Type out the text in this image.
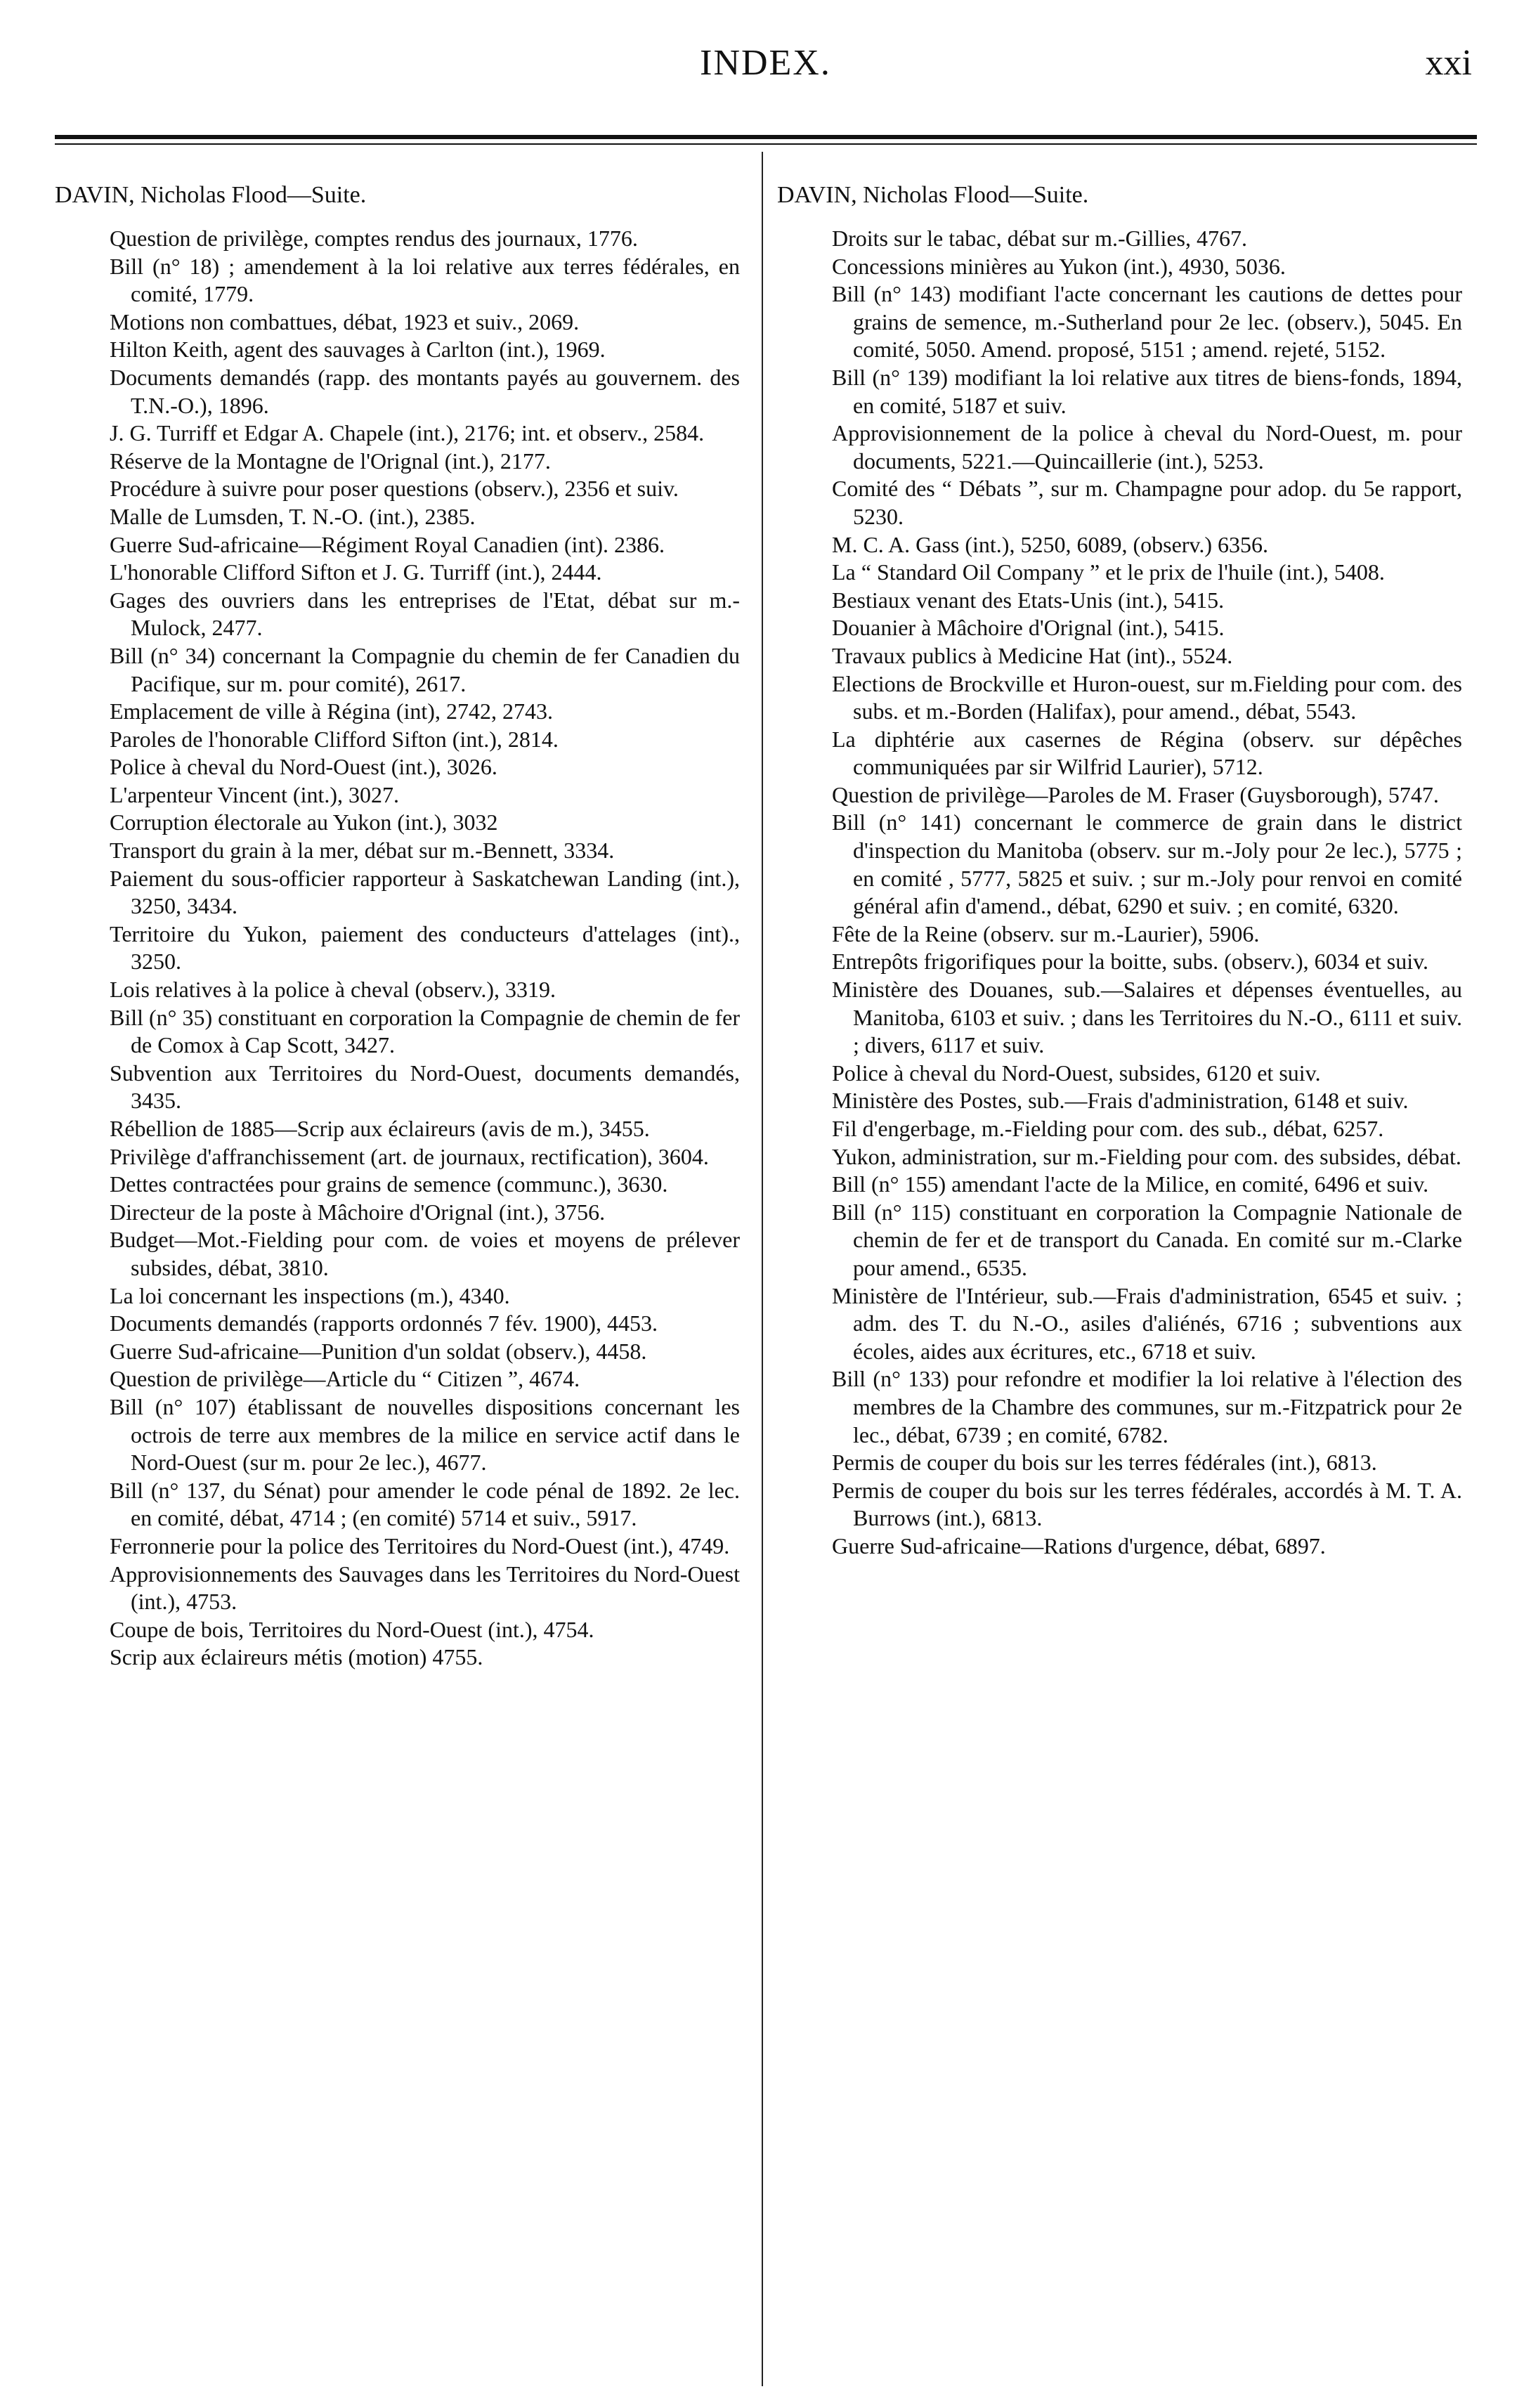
INDEX.	xxi

DAVIN, Nicholas Flood—Suite.

Question de privilège, comptes rendus des journaux, 1776.
Bill (n° 18) ; amendement à la loi relative aux terres fédérales, en comité, 1779.
Motions non combattues, débat, 1923 et suiv., 2069.
Hilton Keith, agent des sauvages à Carlton (int.), 1969.
Documents demandés (rapp. des montants payés au gouvernem. des T.N.-O.), 1896.
J. G. Turriff et Edgar A. Chapele (int.), 2176; int. et observ., 2584.
Réserve de la Montagne de l'Orignal (int.), 2177.
Procédure à suivre pour poser questions (observ.), 2356 et suiv.
Malle de Lumsden, T. N.-O. (int.), 2385.
Guerre Sud-africaine—Régiment Royal Canadien (int). 2386.
L'honorable Clifford Sifton et J. G. Turriff (int.), 2444.
Gages des ouvriers dans les entreprises de l'Etat, débat sur m.-Mulock, 2477.
Bill (n° 34) concernant la Compagnie du chemin de fer Canadien du Pacifique, sur m. pour comité), 2617.
Emplacement de ville à Régina (int), 2742, 2743.
Paroles de l'honorable Clifford Sifton (int.), 2814.
Police à cheval du Nord-Ouest (int.), 3026.
L'arpenteur Vincent (int.), 3027.
Corruption électorale au Yukon (int.), 3032
Transport du grain à la mer, débat sur m.-Bennett, 3334.
Paiement du sous-officier rapporteur à Saskatchewan Landing (int.), 3250, 3434.
Territoire du Yukon, paiement des conducteurs d'attelages (int)., 3250.
Lois relatives à la police à cheval (observ.), 3319.
Bill (n° 35) constituant en corporation la Compagnie de chemin de fer de Comox à Cap Scott, 3427.
Subvention aux Territoires du Nord-Ouest, documents demandés, 3435.
Rébellion de 1885—Scrip aux éclaireurs (avis de m.), 3455.
Privilège d'affranchissement (art. de journaux, rectification), 3604.
Dettes contractées pour grains de semence (communc.), 3630.
Directeur de la poste à Mâchoire d'Orignal (int.), 3756.
Budget—Mot.-Fielding pour com. de voies et moyens de prélever subsides, débat, 3810.
La loi concernant les inspections (m.), 4340.
Documents demandés (rapports ordonnés 7 fév. 1900), 4453.
Guerre Sud-africaine—Punition d'un soldat (observ.), 4458.
Question de privilège—Article du “ Citizen ”, 4674.
Bill (n° 107) établissant de nouvelles dispositions concernant les octrois de terre aux membres de la milice en service actif dans le Nord-Ouest (sur m. pour 2e lec.), 4677.
Bill (n° 137, du Sénat) pour amender le code pénal de 1892. 2e lec. en comité, débat, 4714 ; (en comité) 5714 et suiv., 5917.
Ferronnerie pour la police des Territoires du Nord-Ouest (int.), 4749.
Approvisionnements des Sauvages dans les Territoires du Nord-Ouest (int.), 4753.
Coupe de bois, Territoires du Nord-Ouest (int.), 4754.
Scrip aux éclaireurs métis (motion) 4755.

DAVIN, Nicholas Flood—Suite.

Droits sur le tabac, débat sur m.-Gillies, 4767.
Concessions minières au Yukon (int.), 4930, 5036.
Bill (n° 143) modifiant l'acte concernant les cautions de dettes pour grains de semence, m.-Sutherland pour 2e lec. (observ.), 5045. En comité, 5050. Amend. proposé, 5151 ; amend. rejeté, 5152.
Bill (n° 139) modifiant la loi relative aux titres de biens-fonds, 1894, en comité, 5187 et suiv.
Approvisionnement de la police à cheval du Nord-Ouest, m. pour documents, 5221.—Quincaillerie (int.), 5253.
Comité des “ Débats ”, sur m. Champagne pour adop. du 5e rapport, 5230.
M. C. A. Gass (int.), 5250, 6089, (observ.) 6356.
La “ Standard Oil Company ” et le prix de l'huile (int.), 5408.
Bestiaux venant des Etats-Unis (int.), 5415.
Douanier à Mâchoire d'Orignal (int.), 5415.
Travaux publics à Medicine Hat (int)., 5524.
Elections de Brockville et Huron-ouest, sur m.Fielding pour com. des subs. et m.-Borden (Halifax), pour amend., débat, 5543.
La diphtérie aux casernes de Régina (observ. sur dépêches communiquées par sir Wilfrid Laurier), 5712.
Question de privilège—Paroles de M. Fraser (Guysborough), 5747.
Bill (n° 141) concernant le commerce de grain dans le district d'inspection du Manitoba (observ. sur m.-Joly pour 2e lec.), 5775 ; en comité , 5777, 5825 et suiv. ; sur m.-Joly pour renvoi en comité général afin d'amend., débat, 6290 et suiv. ; en comité, 6320.
Fête de la Reine (observ. sur m.-Laurier), 5906.
Entrepôts frigorifiques pour la boitte, subs. (observ.), 6034 et suiv.
Ministère des Douanes, sub.—Salaires et dépenses éventuelles, au Manitoba, 6103 et suiv. ; dans les Territoires du N.-O., 6111 et suiv. ; divers, 6117 et suiv.
Police à cheval du Nord-Ouest, subsides, 6120 et suiv.
Ministère des Postes, sub.—Frais d'administration, 6148 et suiv.
Fil d'engerbage, m.-Fielding pour com. des sub., débat, 6257.
Yukon, administration, sur m.-Fielding pour com. des subsides, débat.
Bill (n° 155) amendant l'acte de la Milice, en comité, 6496 et suiv.
Bill (n° 115) constituant en corporation la Compagnie Nationale de chemin de fer et de transport du Canada. En comité sur m.-Clarke pour amend., 6535.
Ministère de l'Intérieur, sub.—Frais d'administration, 6545 et suiv. ; adm. des T. du N.-O., asiles d'aliénés, 6716 ; subventions aux écoles, aides aux écritures, etc., 6718 et suiv.
Bill (n° 133) pour refondre et modifier la loi relative à l'élection des membres de la Chambre des communes, sur m.-Fitzpatrick pour 2e lec., débat, 6739 ; en comité, 6782.
Permis de couper du bois sur les terres fédérales (int.), 6813.
Permis de couper du bois sur les terres fédérales, accordés à M. T. A. Burrows (int.), 6813.
Guerre Sud-africaine—Rations d'urgence, débat, 6897.
